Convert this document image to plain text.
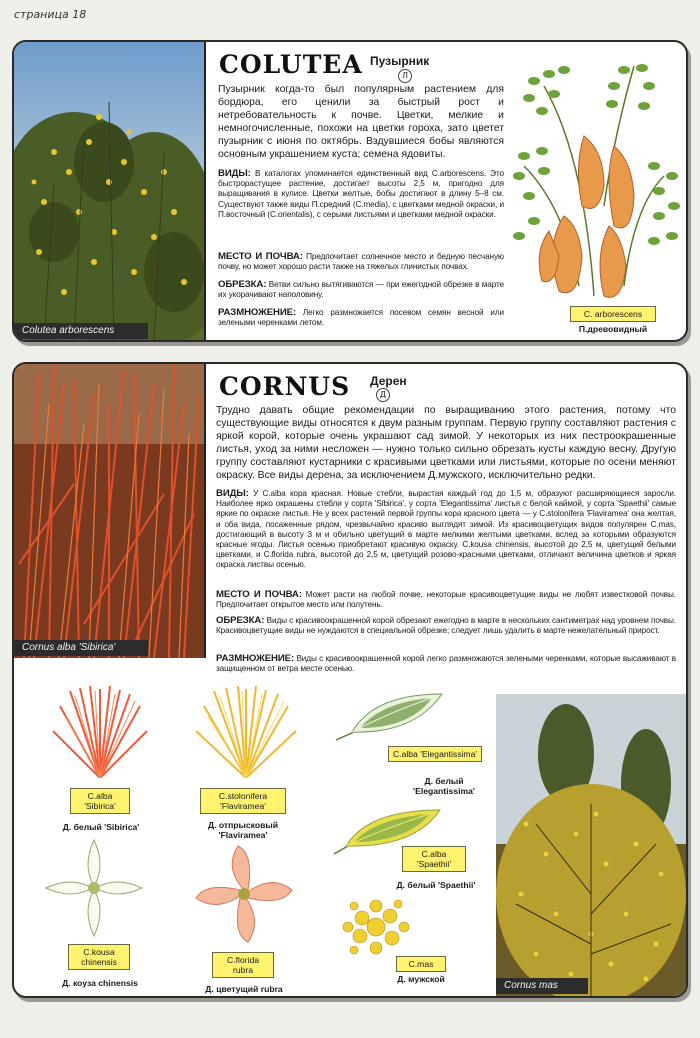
страница 18
Colutea arborescens
COLUTEA Пузырник
Л
Пузырник когда-то был популярным растением для бордюра, его ценили за быстрый рост и нетребовательность к почве. Цветки, мелкие и немногочисленные, похожи на цветки гороха, зато цветет пузырник с июня по октябрь. Вздувшиеся бобы являются основным украшением куста; семена ядовиты.
ВИДЫ: В каталогах упоминается единственный вид C.arborescens. Это быстрорастущее растение, достигает высоты 2,5 м, пригодно для выращивания в кулисе. Цветки желтые, бобы достигают в длину 5–8 см. Существуют также виды П.средний (C.media), с цветками медной окраски, и П.восточный (C.orientalis), с серыми листьями и цветками медной окраски.
МЕСТО И ПОЧВА: Предпочитает солнечное место и бедную песчаную почву, но может хорошо расти также на тяжелых глинистых почвах.
ОБРЕЗКА: Ветви сильно вытягиваются — при ежегодной обрезке в марте их укорачивают наполовину.
РАЗМНОЖЕНИЕ: Легко размножается посевом семян весной или зелеными черенками летом.
C. arborescens
П.древовидный
Cornus alba 'Sibirica'
CORNUS Дерен
Д
Трудно давать общие рекомендации по выращиванию этого растения, потому что существующие виды относятся к двум разным группам. Первую группу составляют растения с яркой корой, которые очень украшают сад зимой. У некоторых из них пестроокрашенные листья, уход за ними несложен — нужно только сильно обрезать кусты каждую весну. Другую группу составляют кустарники с красивыми цветками или листьями, которые по осени меняют окраску. Все виды дерена, за исключением Д.мужского, исключительно редки.
ВИДЫ: У C.alba кора красная. Новые стебли, вырастая каждый год до 1,5 м, образуют расширяющиеся заросли. Наиболее ярко окрашены стебли у сорта 'Sibirica', у сорта 'Elegantissima' листья с белой каймой, у сорта 'Spaethii' самые яркие по окраске листья. Не у всех растений первой группы кора красного цвета — у C.stolonifera 'Flaviramea' она желтая, и оба вида, посаженные рядом, чрезвычайно красиво выглядят зимой. Из красивоцветущих видов популярен C.mas, достигающий в высоту 3 м и обильно цветущий в марте мелкими желтыми цветками, вслед за которыми образуются красные ягоды. Листья осенью приобретают красивую окраску. C.kousa chinensis, высотой до 2,5 м, цветущий белыми цветками, и C.florida rubra, высотой до 2,5 м, цветущий розово-красными цветками, отличают величина цветков и яркая окраска листвы осенью.
МЕСТО И ПОЧВА: Может расти на любой почве, некоторые красивоцветущие виды не любят известковой почвы. Предпочитает открытое место или полутень.
ОБРЕЗКА: Виды с красивоокрашенной корой обрезают ежегодно в марте в нескольких сантиметрах над уровнем почвы. Красивоцветущие виды не нуждаются в специальной обрезке; следует лишь удалить в марте нежелательный прирост.
РАЗМНОЖЕНИЕ: Виды с красивоокрашенной корой легко размножаются зелеными черенками, которые высаживают в защищенном от ветра месте осенью.
Cornus mas
C.alba 'Sibirica'
Д. белый 'Sibirica'
C.stolonifera 'Flaviramea'
Д. отпрысковый 'Flaviramea'
C.alba 'Elegantissima'
Д. белый 'Elegantissima'
C.alba 'Spaethii'
Д. белый 'Spaethii'
C.kousa chinensis
Д. коуза chinensis
C.florida rubra
Д. цветущий rubra
C.mas
Д. мужской
